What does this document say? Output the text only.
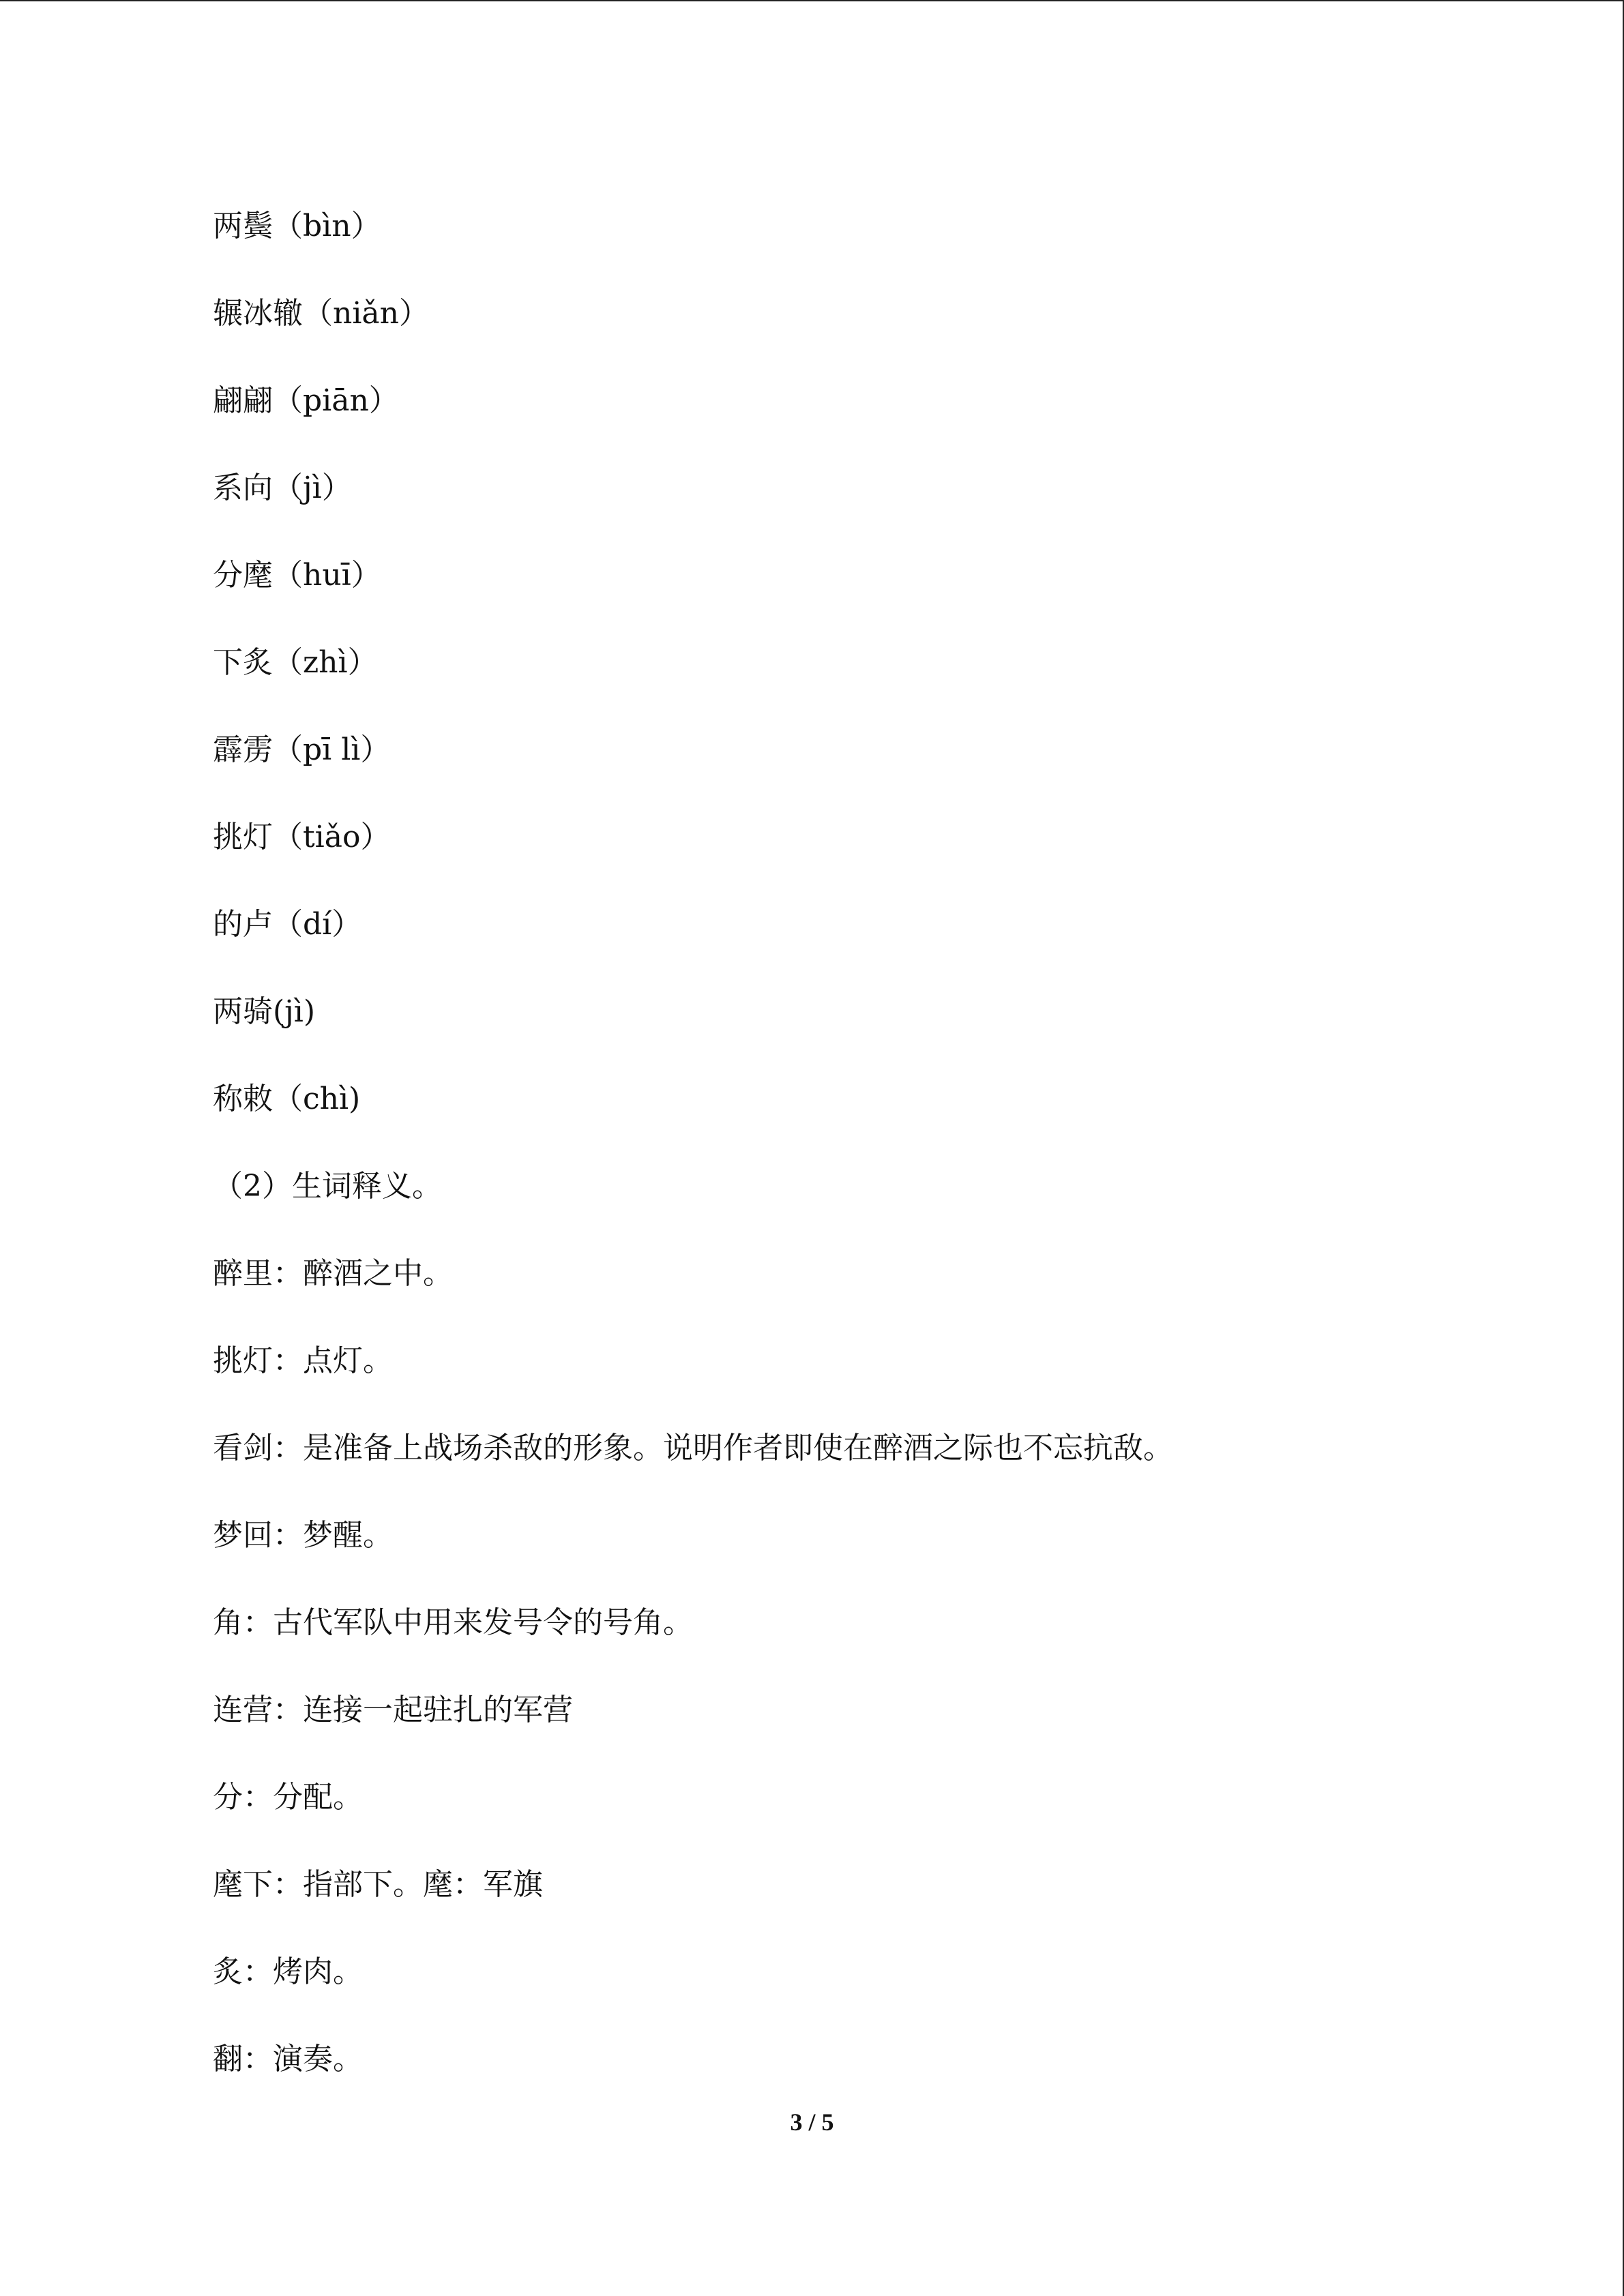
两鬓（bìn）
辗冰辙（niǎn）
翩翩（piān）
系向（jì）
分麾（huī）
下炙（zhì）
霹雳（pī lì）
挑灯（tiǎo）
的卢（dí）
两骑(jì)
称敕（chì)
（2）生词释义。
醉里：醉酒之中。
挑灯：点灯。
看剑：是准备上战场杀敌的形象。说明作者即使在醉酒之际也不忘抗敌。
梦回：梦醒。
角：古代军队中用来发号令的号角。
连营：连接一起驻扎的军营
分：分配。
麾下：指部下。麾：军旗
炙：烤肉。
翻：演奏。
3 / 5
